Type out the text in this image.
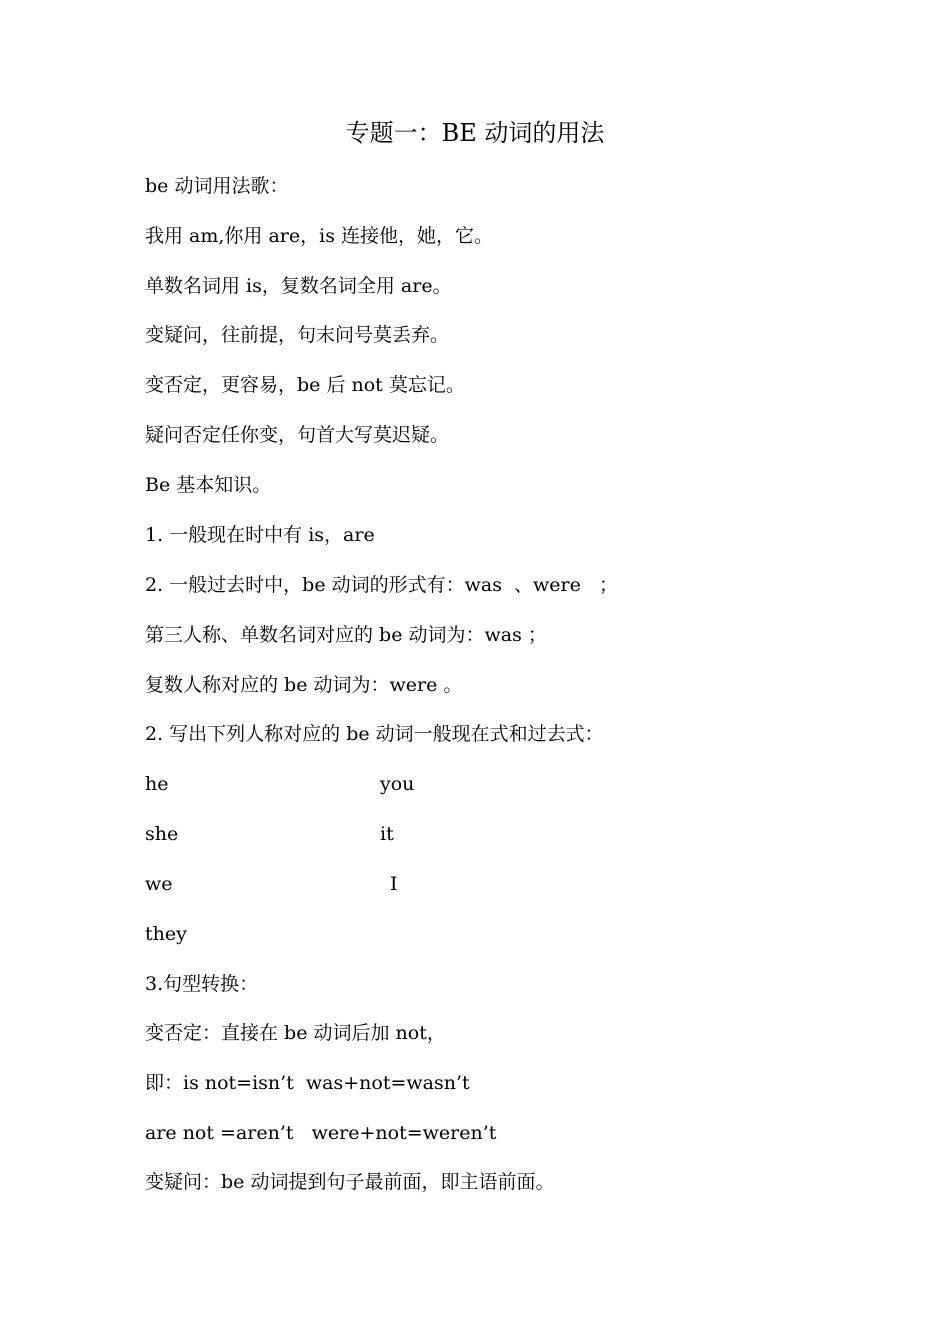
专题一：BE 动词的用法
be 动词用法歌：
我用 am,你用 are，is 连接他，她，它。
单数名词用 is，复数名词全用 are。
变疑问，往前提，句末问号莫丢弃。
变否定，更容易，be 后 not 莫忘记。
疑问否定任你变，句首大写莫迟疑。
Be 基本知识。
1. 一般现在时中有 is，are
2. 一般过去时中，be 动词的形式有：was  、were   ；
第三人称、单数名词对应的 be 动词为：was ；
复数人称对应的 be 动词为：were 。
2. 写出下列人称对应的 be 动词一般现在式和过去式：
he	you
she	it
we	I
they
3.句型转换：
变否定：直接在 be 动词后加 not，
即：is not=isn’t  was+not=wasn’t
are not =aren’t   were+not=weren’t
变疑问：be 动词提到句子最前面，即主语前面。
